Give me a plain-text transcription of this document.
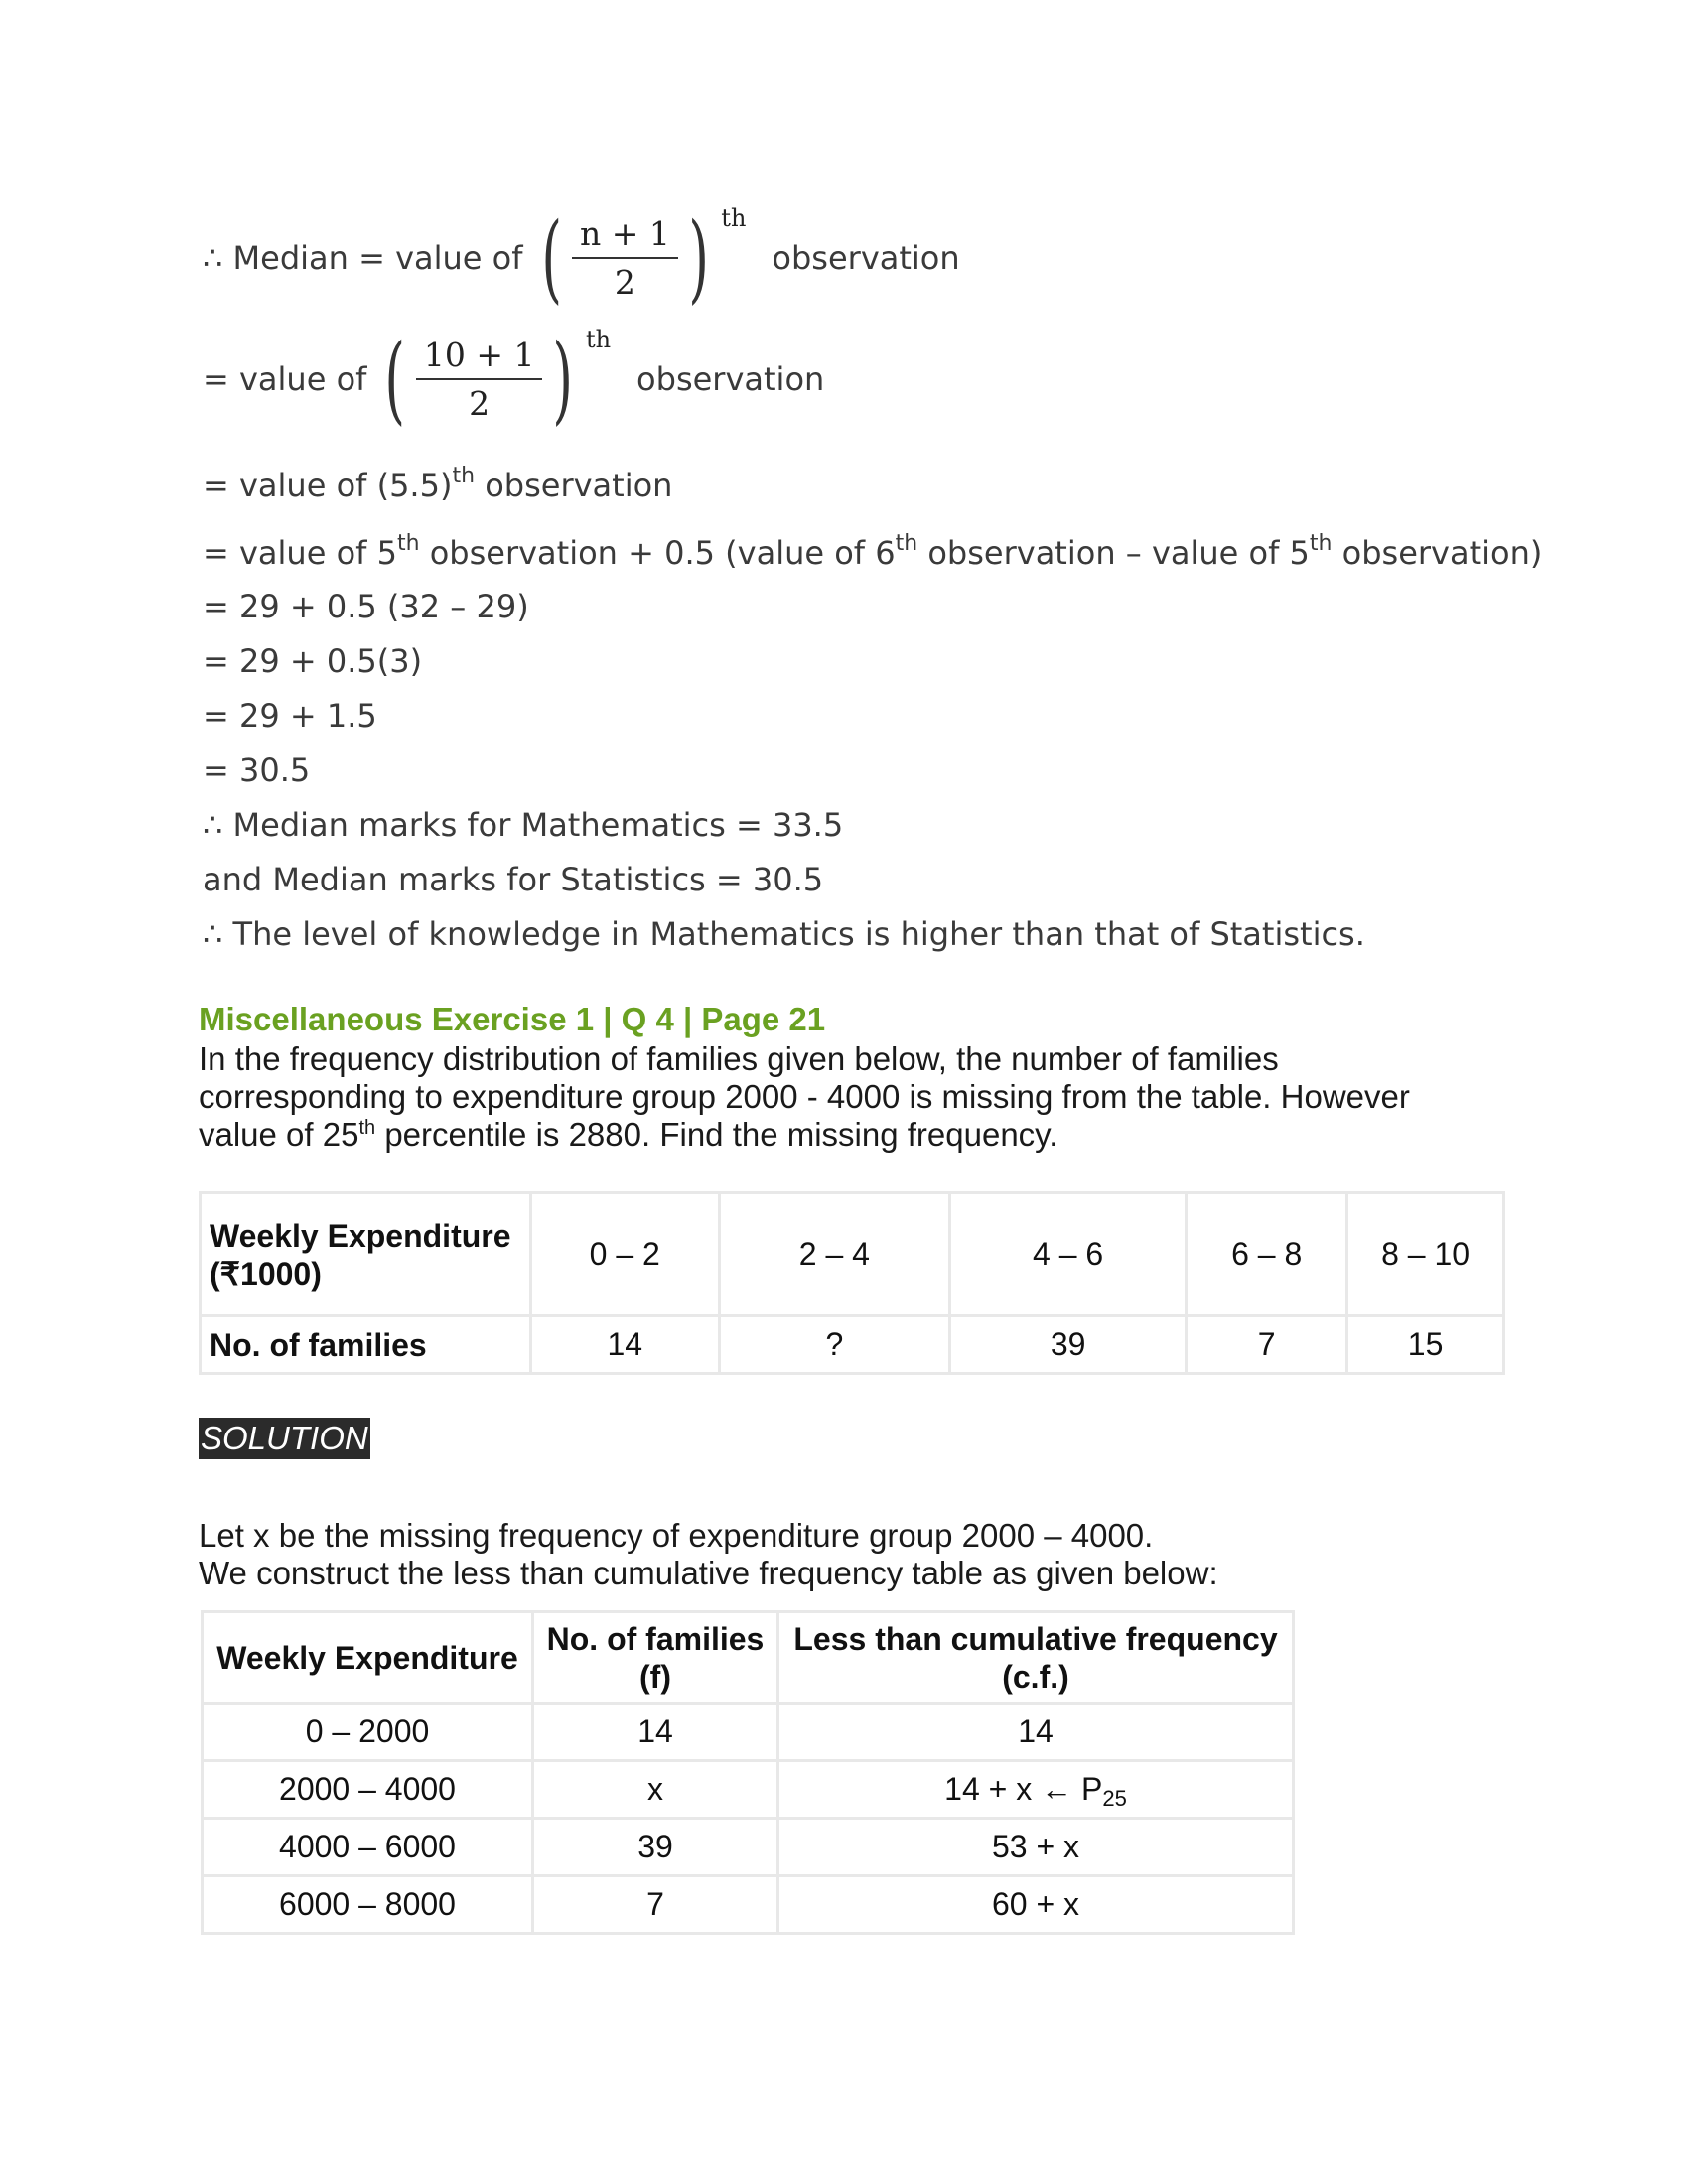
∴ Median = value of ( $\frac{n + 1}{2}$ ) th
observation
= value of ( $\frac{10 + 1}{2}$ ) th
observation
= value of $(5.5)^{th}$ observation
= value of 5th observation + 0.5 (value of 6th observation – value of 5th observation)
= 29 + 0.5 (32 – 29)
= 29 + 0.5(3)
= 29 + 1.5
= 30.5
∴ Median marks for Mathematics = 33.5
and Median marks for Statistics = 30.5
∴ The level of knowledge in Mathematics is higher than that of Statistics.
Miscellaneous Exercise 1 | Q 4 | Page 21
In the frequency distribution of families given below, the number of families corresponding to expenditure group 2000 - 4000 is missing from the table. However value of 25th percentile is 2880. Find the missing frequency.
Weekly Expenditure (₹1000)	0 – 2	2 – 4	4 – 6	6 – 8	8 – 10
No. of families	14	?	39	7	15
SOLUTION
Let x be the missing frequency of expenditure group 2000 – 4000.
We construct the less than cumulative frequency table as given below:
Weekly Expenditure	No. of families (f)	Less than cumulative frequency (c.f.)
0 – 2000	14	14
2000 – 4000	x	14 + x ← $P_{25}$
4000 – 6000	39	53 + x
6000 – 8000	7	60 + x
